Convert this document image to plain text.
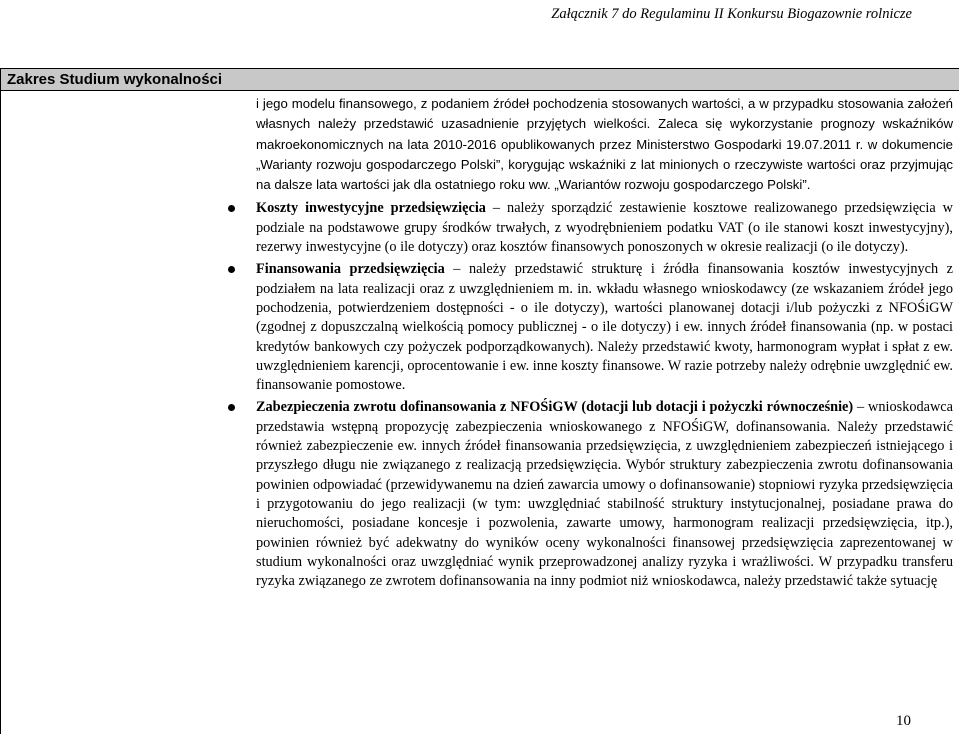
Załącznik 7 do Regulaminu II Konkursu Biogazownie rolnicze
Zakres Studium wykonalności

i jego modelu finansowego, z podaniem źródeł pochodzenia stosowanych wartości, a w przypadku stosowania założeń własnych należy przedstawić uzasadnienie przyjętych wielkości. Zaleca się wykorzystanie prognozy wskaźników makroekonomicznych na lata 2010-2016 opublikowanych przez Ministerstwo Gospodarki 19.07.2011 r. w dokumencie „Warianty rozwoju gospodarczego Polski”, korygując wskaźniki z lat minionych o rzeczywiste wartości oraz przyjmując na dalsze lata wartości jak dla ostatniego roku ww. „Wariantów rozwoju gospodarczego Polski”.

Koszty inwestycyjne przedsięwzięcia – należy sporządzić zestawienie kosztowe realizowanego przedsięwzięcia w podziale na podstawowe grupy środków trwałych, z wyodrębnieniem podatku VAT (o ile stanowi koszt inwestycyjny), rezerwy inwestycyjne (o ile dotyczy) oraz kosztów finansowych ponoszonych w okresie realizacji (o ile dotyczy).
Finansowania przedsięwzięcia – należy przedstawić strukturę i źródła finansowania kosztów inwestycyjnych z podziałem na lata realizacji oraz z uwzględnieniem m. in. wkładu własnego wnioskodawcy (ze wskazaniem źródeł jego pochodzenia, potwierdzeniem dostępności - o ile dotyczy), wartości planowanej dotacji i/lub pożyczki z NFOŚiGW (zgodnej z dopuszczalną wielkością pomocy publicznej - o ile dotyczy) i ew. innych źródeł finansowania (np. w postaci kredytów bankowych czy pożyczek podporządkowanych). Należy przedstawić kwoty, harmonogram wypłat i spłat z ew. uwzględnieniem karencji, oprocentowanie i ew. inne koszty finansowe. W razie potrzeby należy odrębnie uwzględnić ew. finansowanie pomostowe.
Zabezpieczenia zwrotu dofinansowania z NFOŚiGW (dotacji lub dotacji i pożyczki równocześnie) – wnioskodawca przedstawia wstępną propozycję zabezpieczenia wnioskowanego z NFOŚiGW, dofinansowania. Należy przedstawić również zabezpieczenie ew. innych źródeł finansowania przedsięwzięcia, z uwzględnieniem zabezpieczeń istniejącego i przyszłego długu nie związanego z realizacją przedsięwzięcia. Wybór struktury zabezpieczenia zwrotu dofinansowania powinien odpowiadać (przewidywanemu na dzień zawarcia umowy o dofinansowanie) stopniowi ryzyka przedsięwzięcia i przygotowaniu do jego realizacji (w tym: uwzględniać stabilność struktury instytucjonalnej, posiadane prawa do nieruchomości, posiadane koncesje i pozwolenia, zawarte umowy, harmonogram realizacji przedsięwzięcia, itp.), powinien również być adekwatny do wyników oceny wykonalności finansowej przedsięwzięcia zaprezentowanej w studium wykonalności oraz uwzględniać wynik przeprowadzonej analizy ryzyka i wrażliwości. W przypadku transferu ryzyka związanego ze zwrotem dofinansowania na inny podmiot niż wnioskodawca, należy przedstawić także sytuację
10
